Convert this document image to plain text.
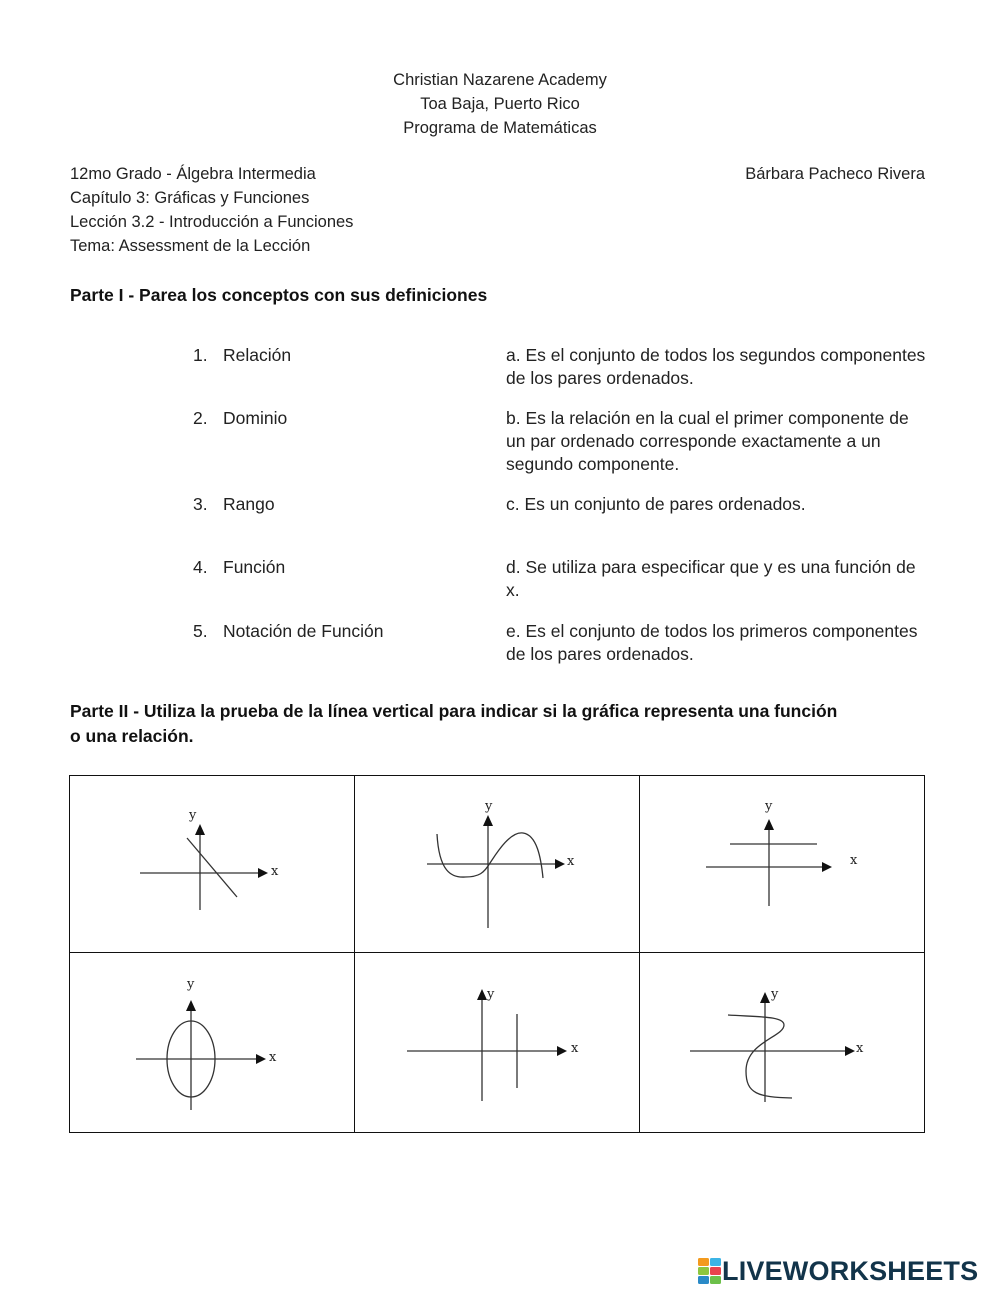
Christian Nazarene Academy
Toa Baja, Puerto Rico
Programa de Matemáticas
12mo Grado - Álgebra Intermedia
Capítulo 3: Gráficas y Funciones
Lección 3.2 - Introducción a Funciones
Tema: Assessment de la Lección
Bárbara Pacheco Rivera
Parte I - Parea los conceptos con sus definiciones
1. Relación	a. Es el conjunto de todos los segundos componentes de los pares ordenados.
2. Dominio	b. Es la relación en la cual el primer componente de un par ordenado corresponde exactamente a un segundo componente.
3. Rango	c. Es un conjunto de pares ordenados.
4. Función	d. Se utiliza para especificar que y es una función de x.
5. Notación de Función	e. Es el conjunto de todos los primeros componentes de los pares ordenados.
Parte II - Utiliza la prueba de la línea vertical para indicar si la gráfica representa una función
o una relación.
x
y	x
y	x
y

x
y	x
y	x
y
LIVEWORKSHEETS
